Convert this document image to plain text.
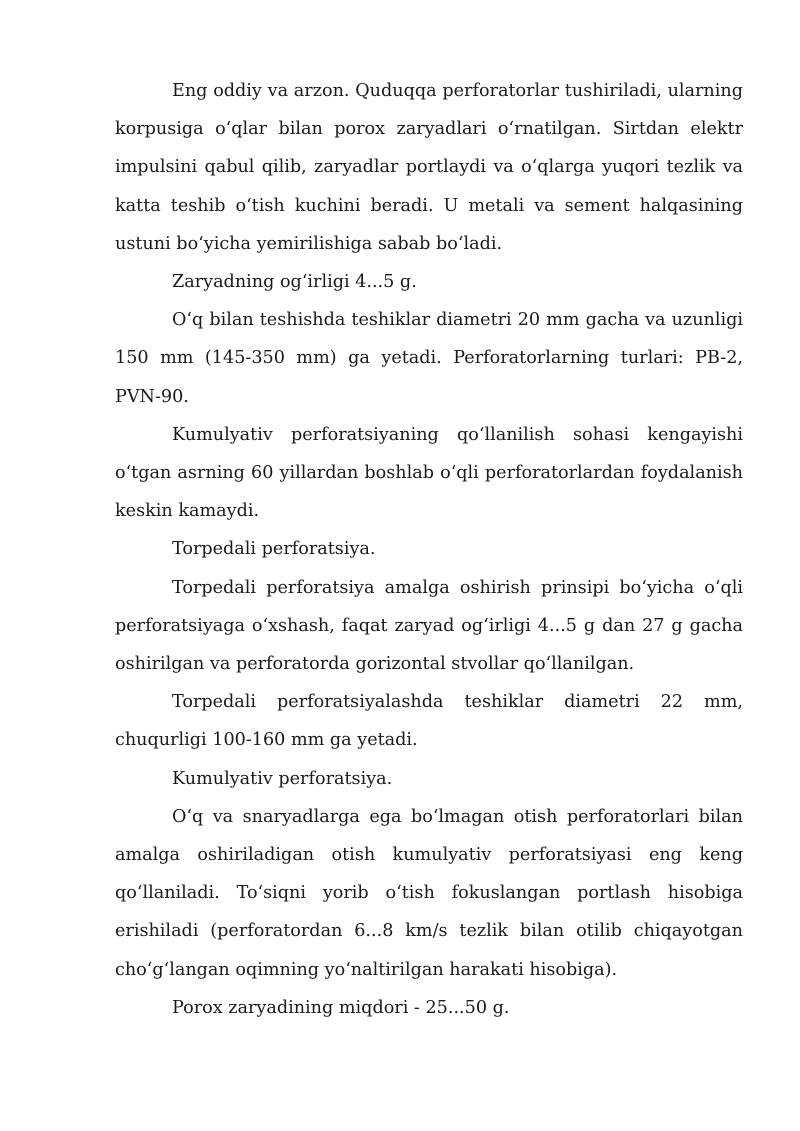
Eng oddiy va arzon. Quduqqa perforatorlar tushiriladi, ularning korpusiga o‘qlar bilan porox zaryadlari o‘rnatilgan. Sirtdan elektr impulsini qabul qilib, zaryadlar portlaydi va o‘qlarga yuqori tezlik va katta teshib o‘tish kuchini beradi. U metali va sement halqasining ustuni bo‘yicha yemirilishiga sabab bo‘ladi.

Zaryadning og‘irligi 4...5 g.

O‘q bilan teshishda teshiklar diametri 20 mm gacha va uzunligi 150 mm (145-350 mm) ga yetadi. Perforatorlarning turlari: PB-2, PVN-90.

Kumulyativ perforatsiyaning qo‘llanilish sohasi kengayishi o‘tgan asrning 60 yillardan boshlab o‘qli perforatorlardan foydalanish keskin kamaydi.

Torpedali perforatsiya.

Torpedali perforatsiya amalga oshirish prinsipi bo‘yicha o‘qli perforatsiyaga o‘xshash, faqat zaryad og‘irligi 4...5 g dan 27 g gacha oshirilgan va perforatorda gorizontal stvollar qo‘llanilgan.

Torpedali perforatsiyalashda teshiklar diametri 22 mm, chuqurligi 100-160 mm ga yetadi.

Kumulyativ perforatsiya.

O‘q va snaryadlarga ega bo‘lmagan otish perforatorlari bilan amalga oshiriladigan otish kumulyativ perforatsiyasi eng keng qo‘llaniladi. To‘siqni yorib o‘tish fokuslangan portlash hisobiga erishiladi (perforatordan 6...8 km/s tezlik bilan otilib chiqayotgan cho‘g‘langan oqimning yo‘naltirilgan harakati hisobiga).

Porox zaryadining miqdori - 25...50 g.
